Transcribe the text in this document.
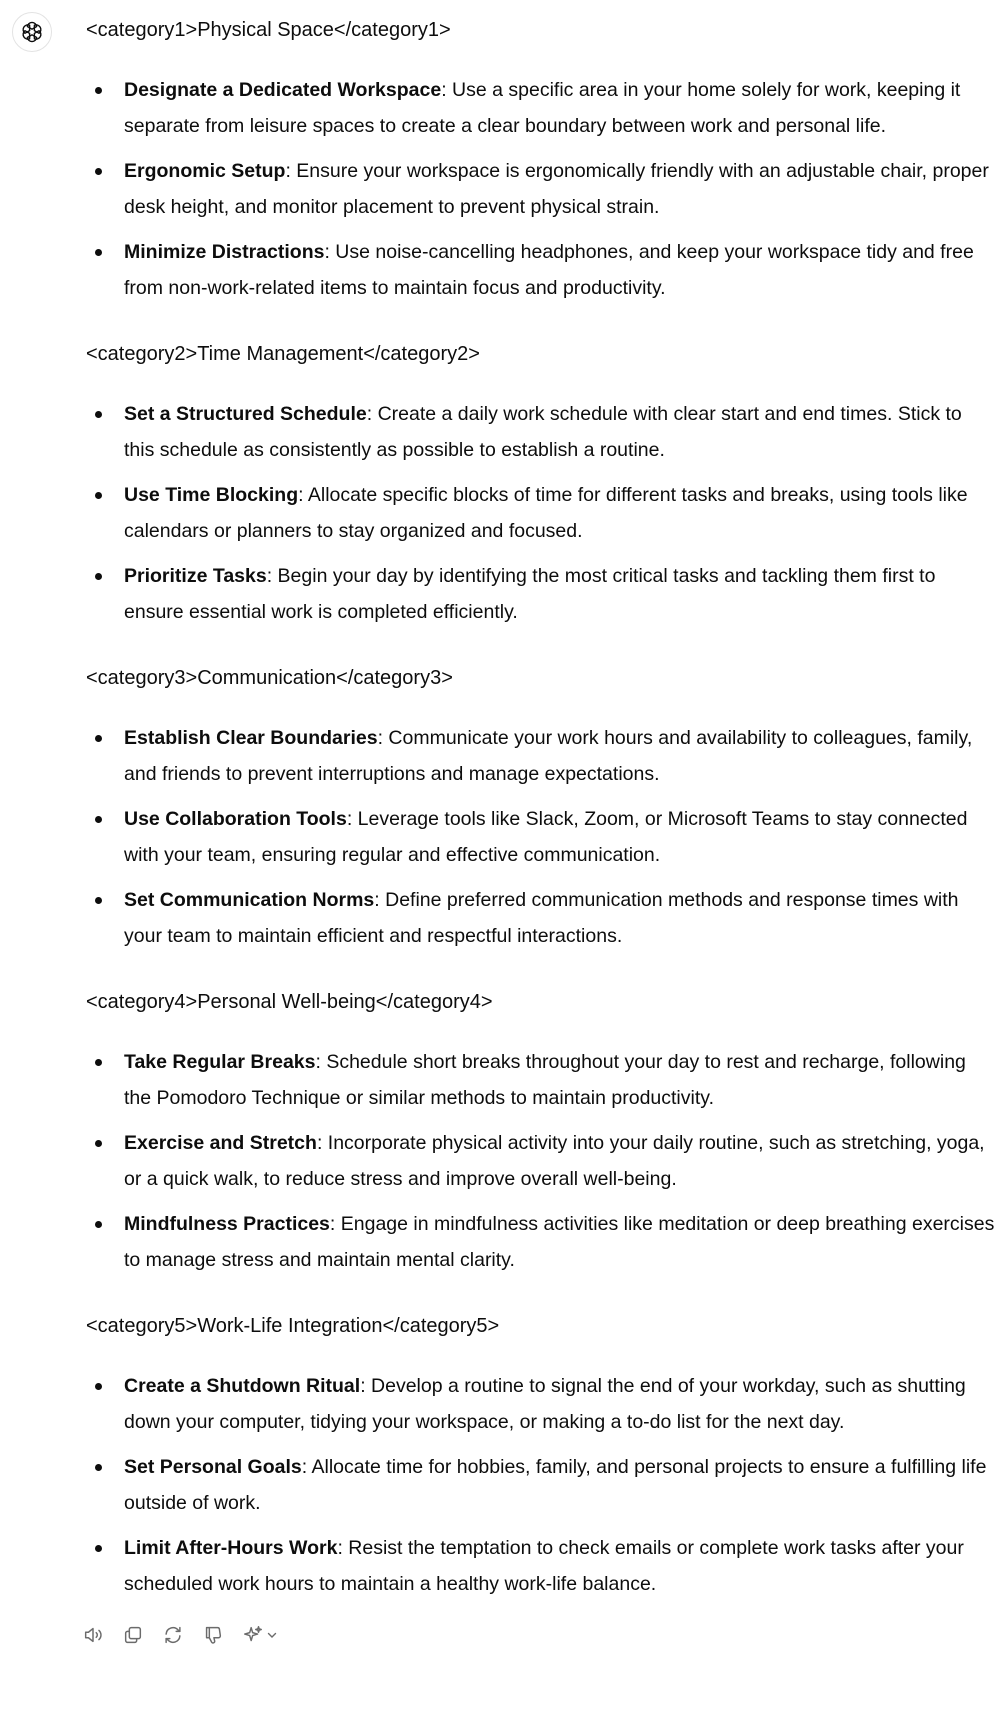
<category1>Physical Space</category1>

Designate a Dedicated Workspace: Use a specific area in your home solely for work, keeping it separate from leisure spaces to create a clear boundary between work and personal life.
Ergonomic Setup: Ensure your workspace is ergonomically friendly with an adjustable chair, proper desk height, and monitor placement to prevent physical strain.
Minimize Distractions: Use noise-cancelling headphones, and keep your workspace tidy and free from non-work-related items to maintain focus and productivity.

<category2>Time Management</category2>

Set a Structured Schedule: Create a daily work schedule with clear start and end times. Stick to this schedule as consistently as possible to establish a routine.
Use Time Blocking: Allocate specific blocks of time for different tasks and breaks, using tools like calendars or planners to stay organized and focused.
Prioritize Tasks: Begin your day by identifying the most critical tasks and tackling them first to ensure essential work is completed efficiently.

<category3>Communication</category3>

Establish Clear Boundaries: Communicate your work hours and availability to colleagues, family, and friends to prevent interruptions and manage expectations.
Use Collaboration Tools: Leverage tools like Slack, Zoom, or Microsoft Teams to stay connected with your team, ensuring regular and effective communication.
Set Communication Norms: Define preferred communication methods and response times with your team to maintain efficient and respectful interactions.

<category4>Personal Well-being</category4>

Take Regular Breaks: Schedule short breaks throughout your day to rest and recharge, following the Pomodoro Technique or similar methods to maintain productivity.
Exercise and Stretch: Incorporate physical activity into your daily routine, such as stretching, yoga, or a quick walk, to reduce stress and improve overall well-being.
Mindfulness Practices: Engage in mindfulness activities like meditation or deep breathing exercises to manage stress and maintain mental clarity.

<category5>Work-Life Integration</category5>

Create a Shutdown Ritual: Develop a routine to signal the end of your workday, such as shutting down your computer, tidying your workspace, or making a to-do list for the next day.
Set Personal Goals: Allocate time for hobbies, family, and personal projects to ensure a fulfilling life outside of work.
Limit After-Hours Work: Resist the temptation to check emails or complete work tasks after your scheduled work hours to maintain a healthy work-life balance.
